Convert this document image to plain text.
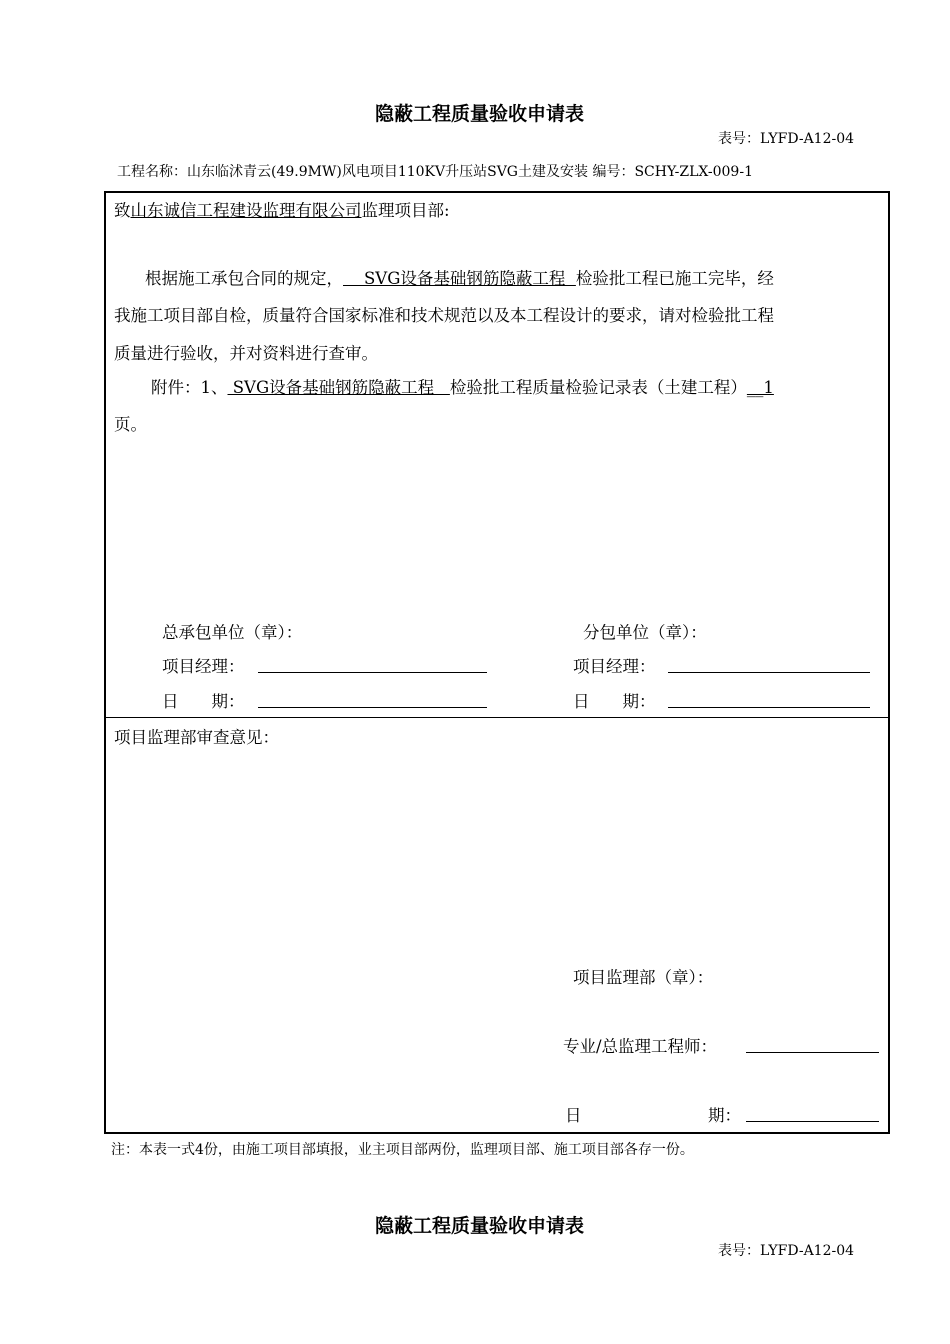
隐蔽工程质量验收申请表
表号：LYFD-A12-04
工程名称：山东临沭青云(49.9MW)风电项目110KV升压站SVG土建及安装 编号：SCHY-ZLX-009-1
致山东诚信工程建设监理有限公司监理项目部:
根据施工承包合同的规定，    SVG设备基础钢筋隐蔽工程  检验批工程已施工完毕，经
我施工项目部自检，质量符合国家标准和技术规范以及本工程设计的要求，请对检验批工程
质量进行验收，并对资料进行查审。
附件：1、 SVG设备基础钢筋隐蔽工程   检验批工程质量检验记录表（土建工程）__1
页。
总承包单位（章）：	分包单位（章）：
项目经理：	项目经理：
日　　期：	日　　期：
项目监理部审查意见：
项目监理部（章）：
专业/总监理工程师：
日	期：
注：本表一式4份，由施工项目部填报，业主项目部两份，监理项目部、施工项目部各存一份。
隐蔽工程质量验收申请表
表号：LYFD-A12-04
